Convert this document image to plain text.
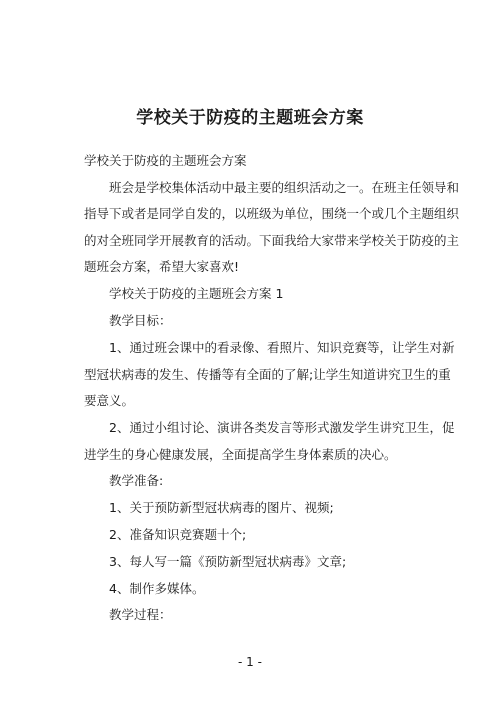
学校关于防疫的主题班会方案
学校关于防疫的主题班会方案
　　班会是学校集体活动中最主要的组织活动之一。在班主任领导和
指导下或者是同学自发的，以班级为单位，围绕一个或几个主题组织
的对全班同学开展教育的活动。下面我给大家带来学校关于防疫的主
题班会方案，希望大家喜欢!
　　学校关于防疫的主题班会方案 1
　　教学目标：
　　1、通过班会课中的看录像、看照片、知识竞赛等，让学生对新
型冠状病毒的发生、传播等有全面的了解;让学生知道讲究卫生的重
要意义。
　　2、通过小组讨论、演讲各类发言等形式激发学生讲究卫生，促
进学生的身心健康发展，全面提高学生身体素质的决心。
　　教学准备:
　　1、关于预防新型冠状病毒的图片、视频;
　　2、准备知识竞赛题十个;
　　3、每人写一篇《预防新型冠状病毒》文章;
　　4、制作多媒体。
　　教学过程：
- 1 -
